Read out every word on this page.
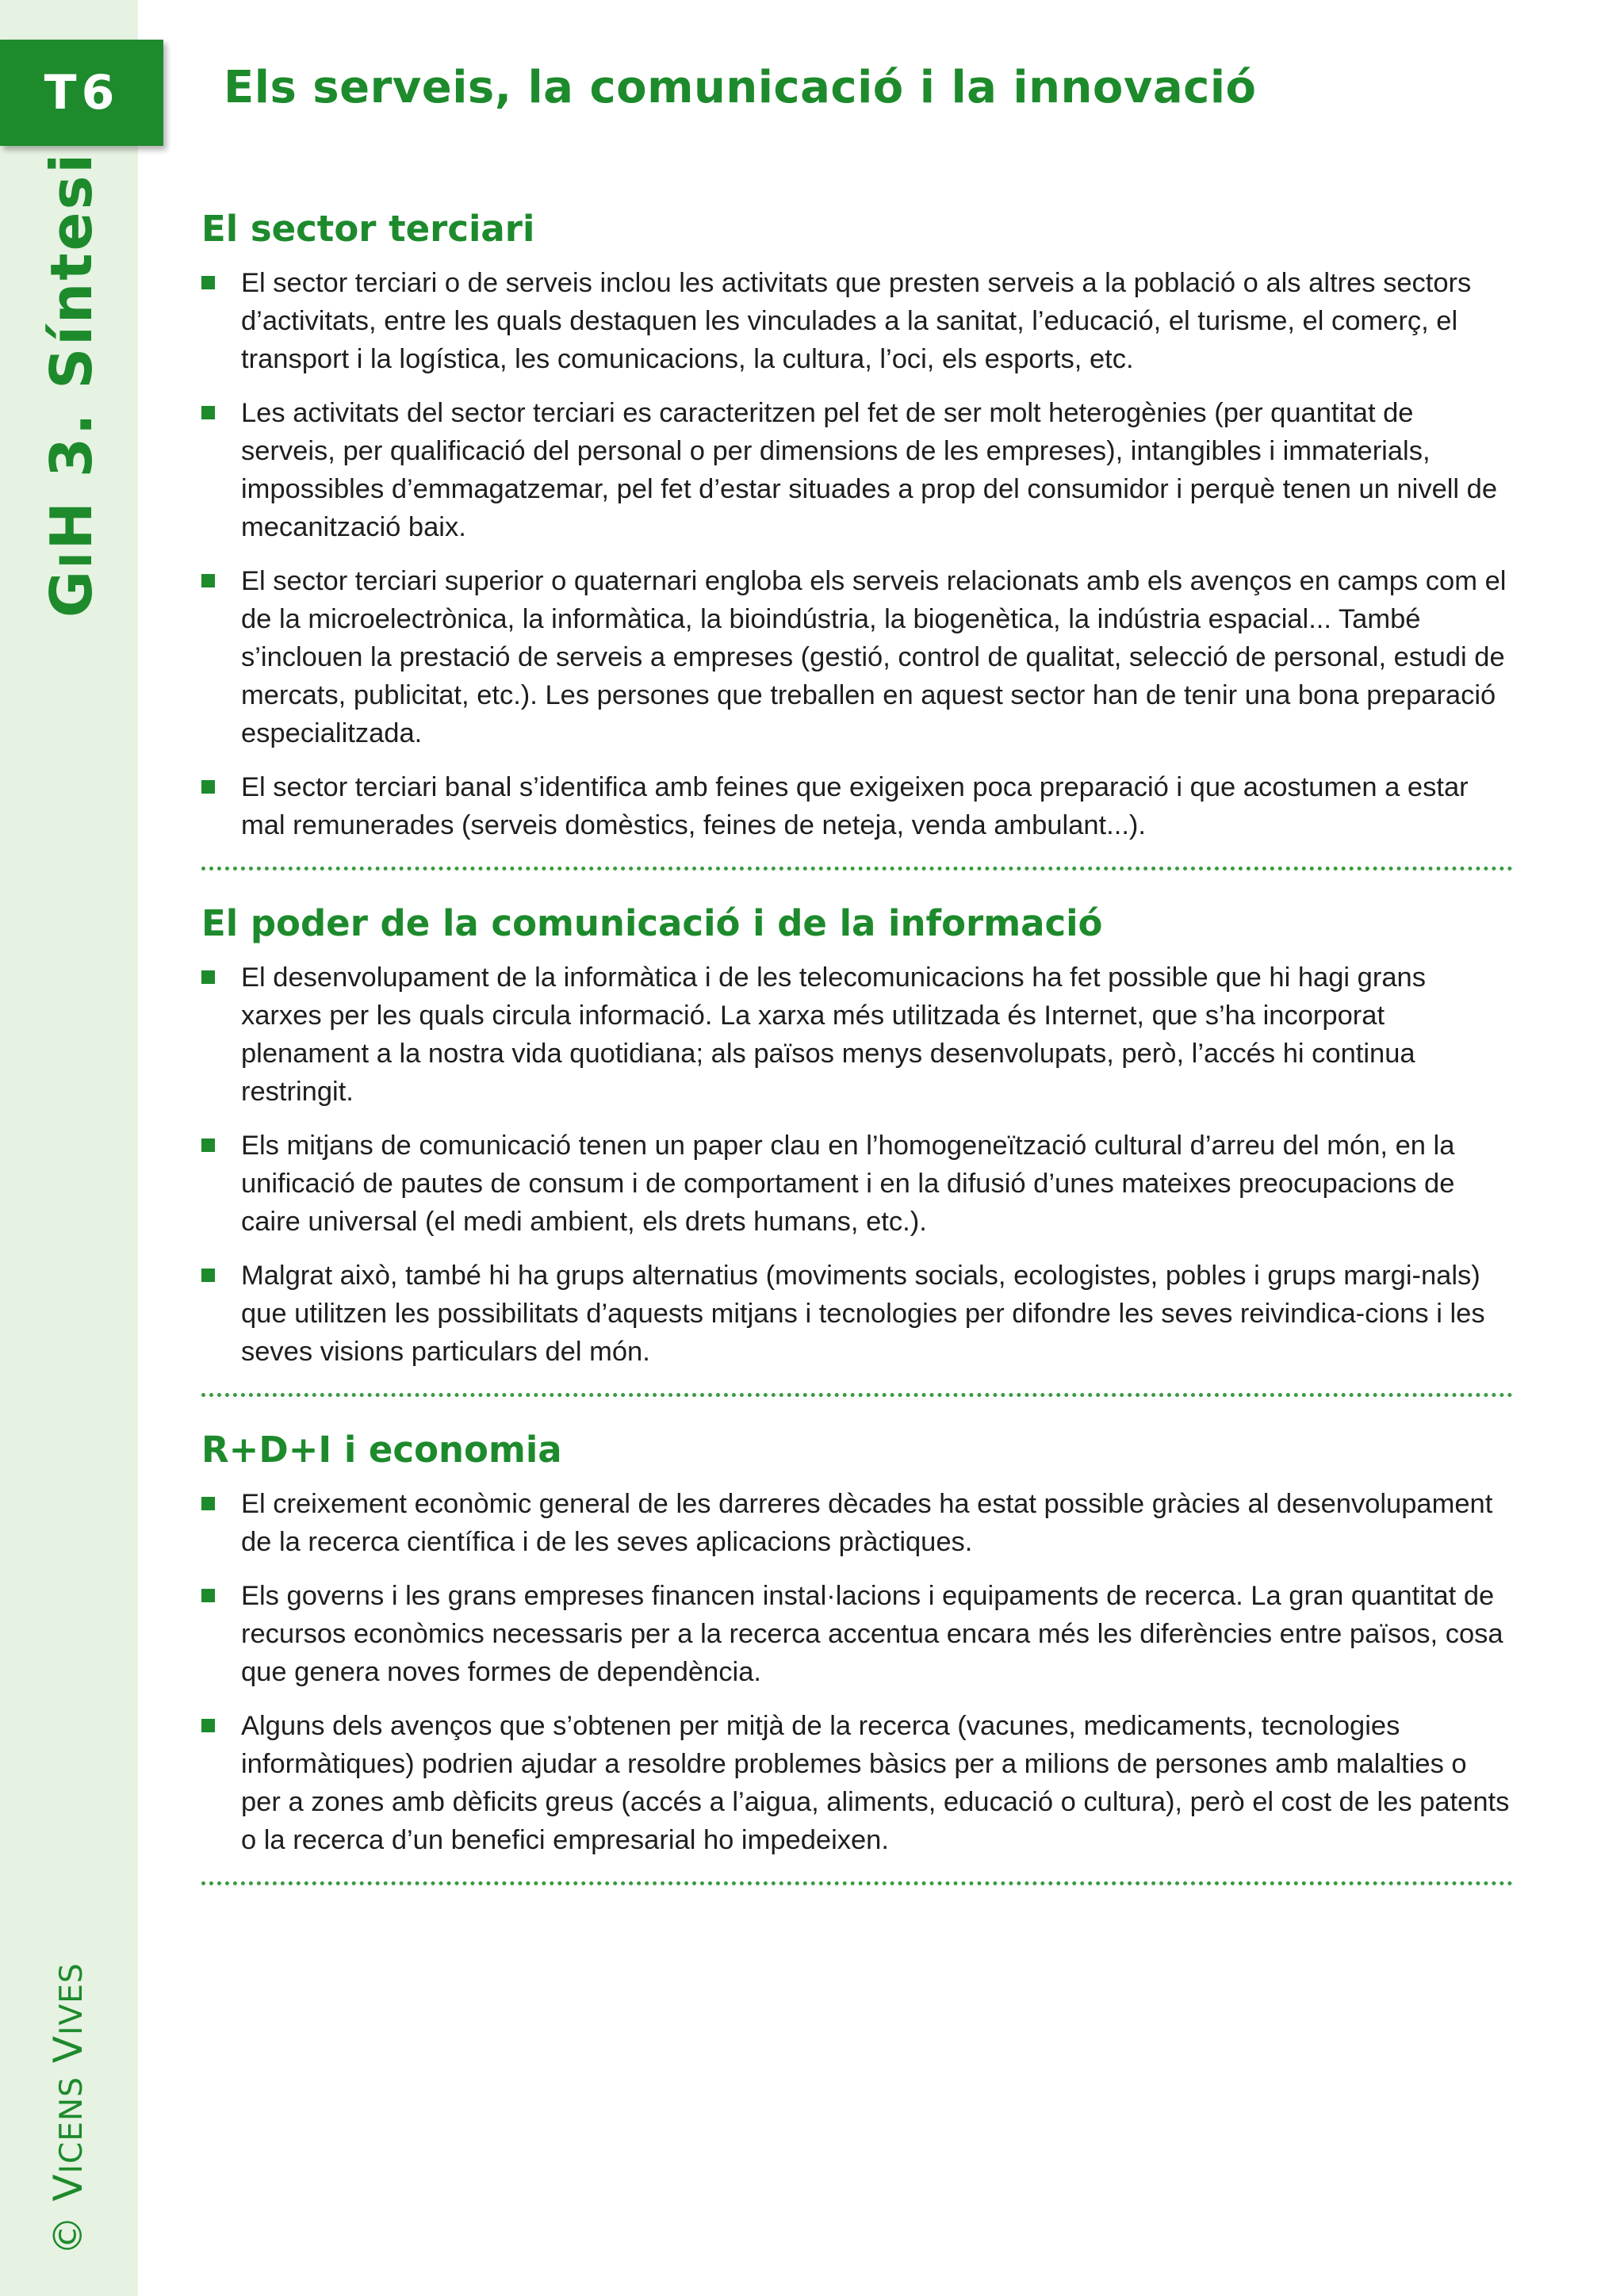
T6
GIH 3. Síntesi
© VICENS VIVES
Els serveis, la comunicació i la innovació
El sector terciari
El sector terciari o de serveis inclou les activitats que presten serveis a la població o als altres sectors d’activitats, entre les quals destaquen les vinculades a la sanitat, l’educació, el turisme, el comerç, el transport i la logística, les comunicacions, la cultura, l’oci, els esports, etc.
Les activitats del sector terciari es caracteritzen pel fet de ser molt heterogènies (per quantitat de serveis, per qualificació del personal o per dimensions de les empreses), intangibles i immaterials, impossibles d’emmagatzemar, pel fet d’estar situades a prop del consumidor i perquè tenen un nivell de mecanització baix.
El sector terciari superior o quaternari engloba els serveis relacionats amb els avenços en camps com el de la microelectrònica, la informàtica, la bioindústria, la biogenètica, la indústria espacial... També s’inclouen la prestació de serveis a empreses (gestió, control de qualitat, selecció de personal, estudi de mercats, publicitat, etc.). Les persones que treballen en aquest sector han de tenir una bona preparació especialitzada.
El sector terciari banal s’identifica amb feines que exigeixen poca preparació i que acostumen a estar mal remunerades (serveis domèstics, feines de neteja, venda ambulant...).
El poder de la comunicació i de la informació
El desenvolupament de la informàtica i de les telecomunicacions ha fet possible que hi hagi grans xarxes per les quals circula informació. La xarxa més utilitzada és Internet, que s’ha incorporat plenament a la nostra vida quotidiana; als països menys desenvolupats, però, l’accés hi continua restringit.
Els mitjans de comunicació tenen un paper clau en l’homogeneïtzació cultural d’arreu del món, en la unificació de pautes de consum i de comportament i en la difusió d’unes mateixes preocupacions de caire universal (el medi ambient, els drets humans, etc.).
Malgrat això, també hi ha grups alternatius (moviments socials, ecologistes, pobles i grups margi-nals) que utilitzen les possibilitats d’aquests mitjans i tecnologies per difondre les seves reivindica-cions i les seves visions particulars del món.
R+D+I i economia
El creixement econòmic general de les darreres dècades ha estat possible gràcies al desenvolupament de la recerca científica i de les seves aplicacions pràctiques.
Els governs i les grans empreses financen instal·lacions i equipaments de recerca. La gran quantitat de recursos econòmics necessaris per a la recerca accentua encara més les diferències entre països, cosa que genera noves formes de dependència.
Alguns dels avenços que s’obtenen per mitjà de la recerca (vacunes, medicaments, tecnologies informàtiques) podrien ajudar a resoldre problemes bàsics per a milions de persones amb malalties o per a zones amb dèficits greus (accés a l’aigua, aliments, educació o cultura), però el cost de les patents o la recerca d’un benefici empresarial ho impedeixen.
